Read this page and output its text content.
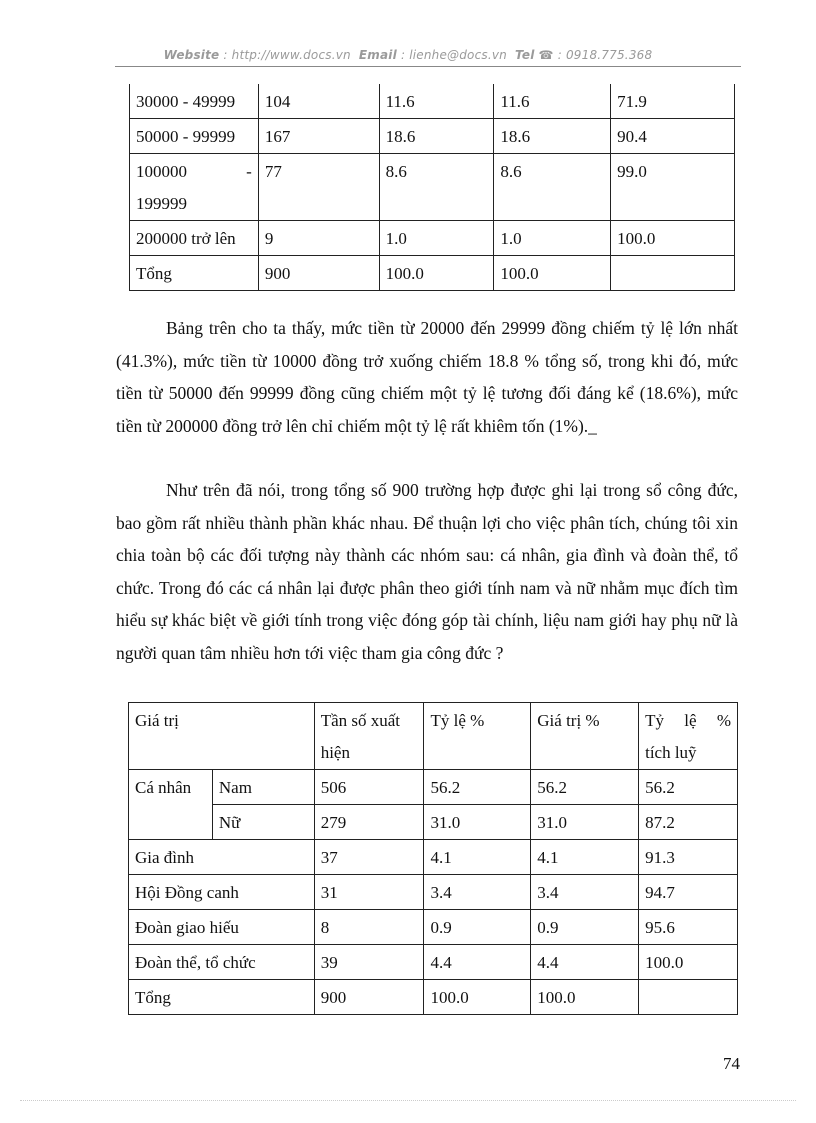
Website : http://www.docs.vn Email : lienhe@docs.vn Tel ☎ : 0918.775.368
30000 - 49999	104	11.6	11.6	71.9
50000 - 99999	167	18.6	18.6	90.4

100000 -
199999	77	8.6	8.6	99.0
200000 trở lên	9	1.0	1.0	100.0
Tổng	900	100.0	100.0	

Bảng trên cho ta thấy, mức tiền từ 20000 đến 29999 đồng chiếm tỷ lệ lớn nhất (41.3%), mức tiền từ 10000 đồng trở xuống chiếm 18.8 % tổng số, trong khi đó, mức tiền từ 50000 đến 99999 đồng cũng chiếm một tỷ lệ tương đối đáng kể (18.6%), mức tiền từ 200000 đồng trở lên chỉ chiếm một tỷ lệ rất khiêm tốn (1%)._

Như trên đã nói, trong tổng số 900 trường hợp được ghi lại trong sổ công đức, bao gồm rất nhiều thành phần khác nhau. Để thuận lợi cho việc phân tích, chúng tôi xin chia toàn bộ các đối tượng này thành các nhóm sau: cá nhân, gia đình và đoàn thể, tổ chức. Trong đó các cá nhân lại được phân theo giới tính nam và nữ nhằm mục đích tìm hiểu sự khác biệt về giới tính trong việc đóng góp tài chính, liệu nam giới hay phụ nữ là người quan tâm nhiều hơn tới việc tham gia công đức ?

Giá trị		Tần số xuất hiện	Tỷ lệ %	Giá trị %	Tỷ lệ %
tích luỹ

Cá nhân	Nam	506	56.2	56.2	56.2
	Nữ	279	31.0	31.0	87.2
Gia đình		37	4.1	4.1	91.3
Hội Đồng canh		31	3.4	3.4	94.7
Đoàn giao hiếu		8	0.9	0.9	95.6
Đoàn thể, tổ chức		39	4.4	4.4	100.0
Tổng		900	100.0	100.0	
74
